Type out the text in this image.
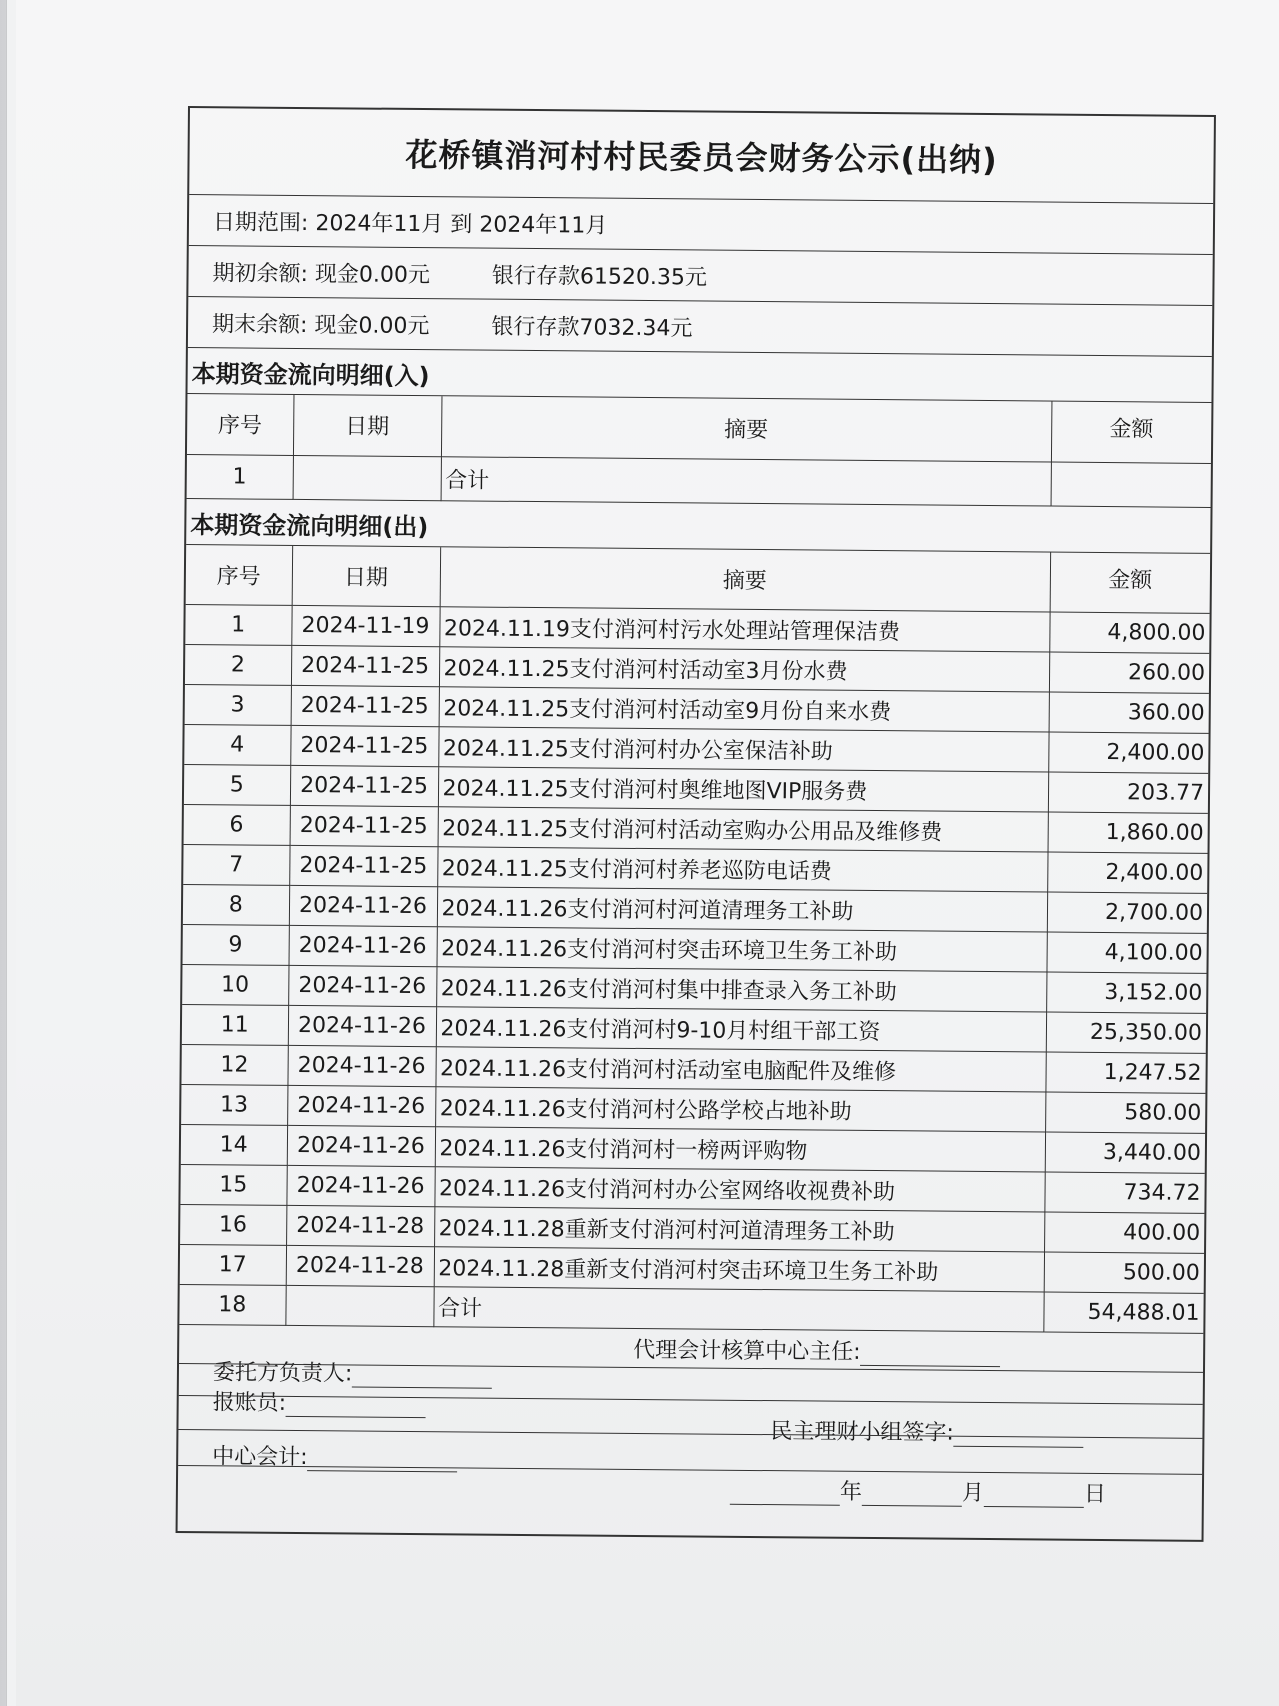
花桥镇消河村村民委员会财务公示(出纳)
日期范围: 2024年11月 到 2024年11月
期初余额: 现金0.00元	银行存款61520.35元
期末余额: 现金0.00元	银行存款7032.34元
本期资金流向明细(入)
序号	日期	摘要	金额
1		合计	
本期资金流向明细(出)
序号	日期	摘要	金额
1	2024-11-19	2024.11.19支付消河村污水处理站管理保洁费	4,800.00
2	2024-11-25	2024.11.25支付消河村活动室3月份水费	260.00
3	2024-11-25	2024.11.25支付消河村活动室9月份自来水费	360.00
4	2024-11-25	2024.11.25支付消河村办公室保洁补助	2,400.00
5	2024-11-25	2024.11.25支付消河村奥维地图VIP服务费	203.77
6	2024-11-25	2024.11.25支付消河村活动室购办公用品及维修费	1,860.00
7	2024-11-25	2024.11.25支付消河村养老巡防电话费	2,400.00
8	2024-11-26	2024.11.26支付消河村河道清理务工补助	2,700.00
9	2024-11-26	2024.11.26支付消河村突击环境卫生务工补助	4,100.00
10	2024-11-26	2024.11.26支付消河村集中排查录入务工补助	3,152.00
11	2024-11-26	2024.11.26支付消河村9-10月村组干部工资	25,350.00
12	2024-11-26	2024.11.26支付消河村活动室电脑配件及维修	1,247.52
13	2024-11-26	2024.11.26支付消河村公路学校占地补助	580.00
14	2024-11-26	2024.11.26支付消河村一榜两评购物	3,440.00
15	2024-11-26	2024.11.26支付消河村办公室网络收视费补助	734.72
16	2024-11-28	2024.11.28重新支付消河村河道清理务工补助	400.00
17	2024-11-28	2024.11.28重新支付消河村突击环境卫生务工补助	500.00
18		合计	54,488.01
代理会计核算中心主任:
委托方负责人:
报账员:
民主理财小组签字:
中心会计:
年	月	日
